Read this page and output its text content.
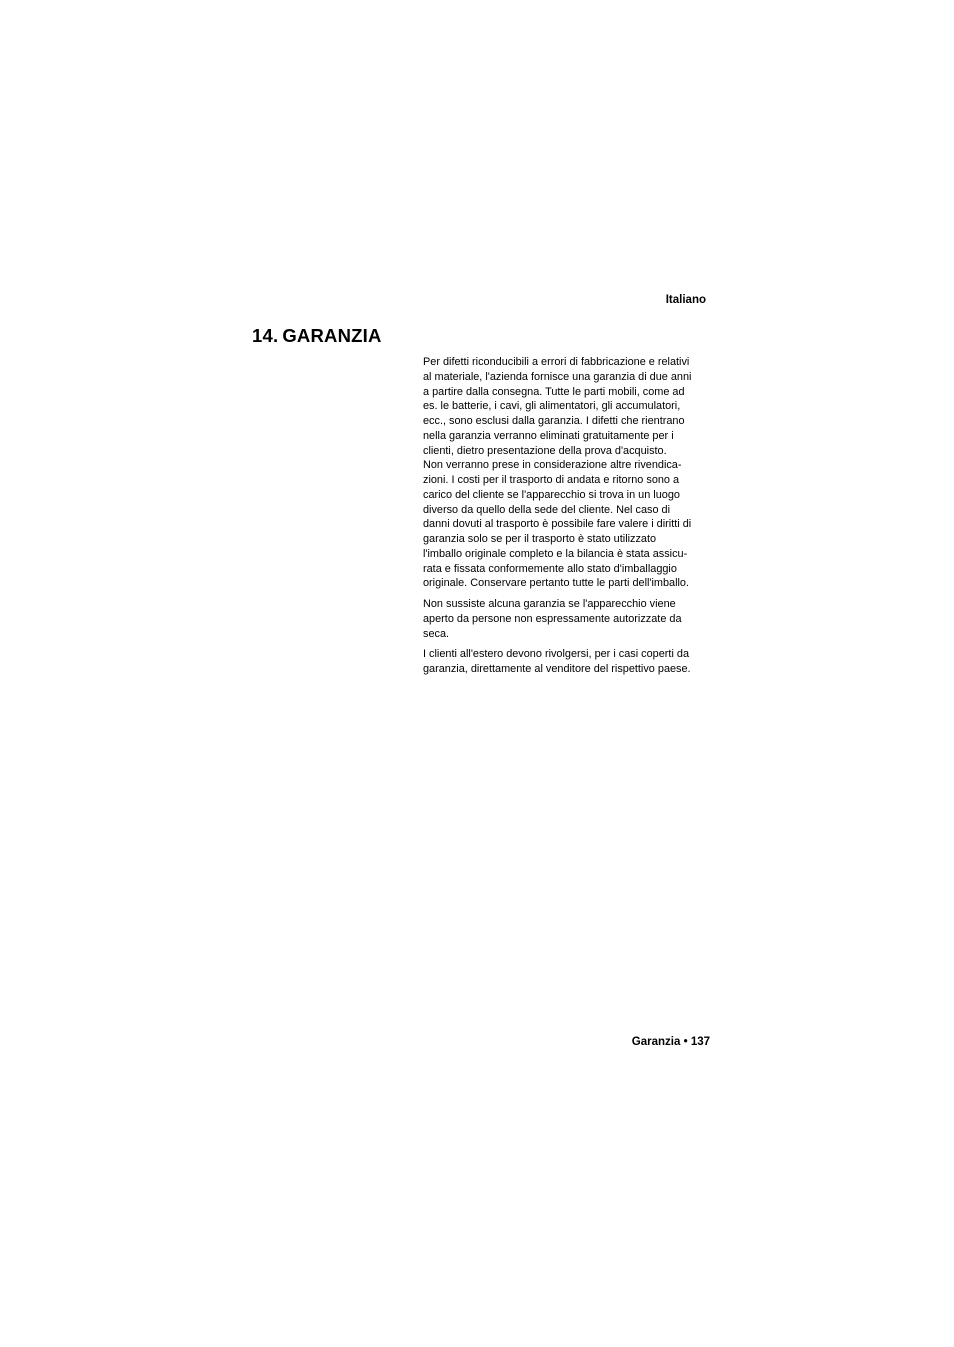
Italiano
14. GARANZIA

Per difetti riconducibili a errori di fabbricazione e relativi
al materiale, l'azienda fornisce una garanzia di due anni
a partire dalla consegna. Tutte le parti mobili, come ad
es. le batterie, i cavi, gli alimentatori, gli accumulatori,
ecc., sono esclusi dalla garanzia. I difetti che rientrano
nella garanzia verranno eliminati gratuitamente per i
clienti, dietro presentazione della prova d'acquisto.
Non verranno prese in considerazione altre rivendica-
zioni. I costi per il trasporto di andata e ritorno sono a
carico del cliente se l'apparecchio si trova in un luogo
diverso da quello della sede del cliente. Nel caso di
danni dovuti al trasporto è possibile fare valere i diritti di
garanzia solo se per il trasporto è stato utilizzato
l'imballo originale completo e la bilancia è stata assicu-
rata e fissata conformemente allo stato d'imballaggio
originale. Conservare pertanto tutte le parti dell'imballo.

Non sussiste alcuna garanzia se l'apparecchio viene
aperto da persone non espressamente autorizzate da
seca.

I clienti all'estero devono rivolgersi, per i casi coperti da
garanzia, direttamente al venditore del rispettivo paese.

Garanzia • 137
